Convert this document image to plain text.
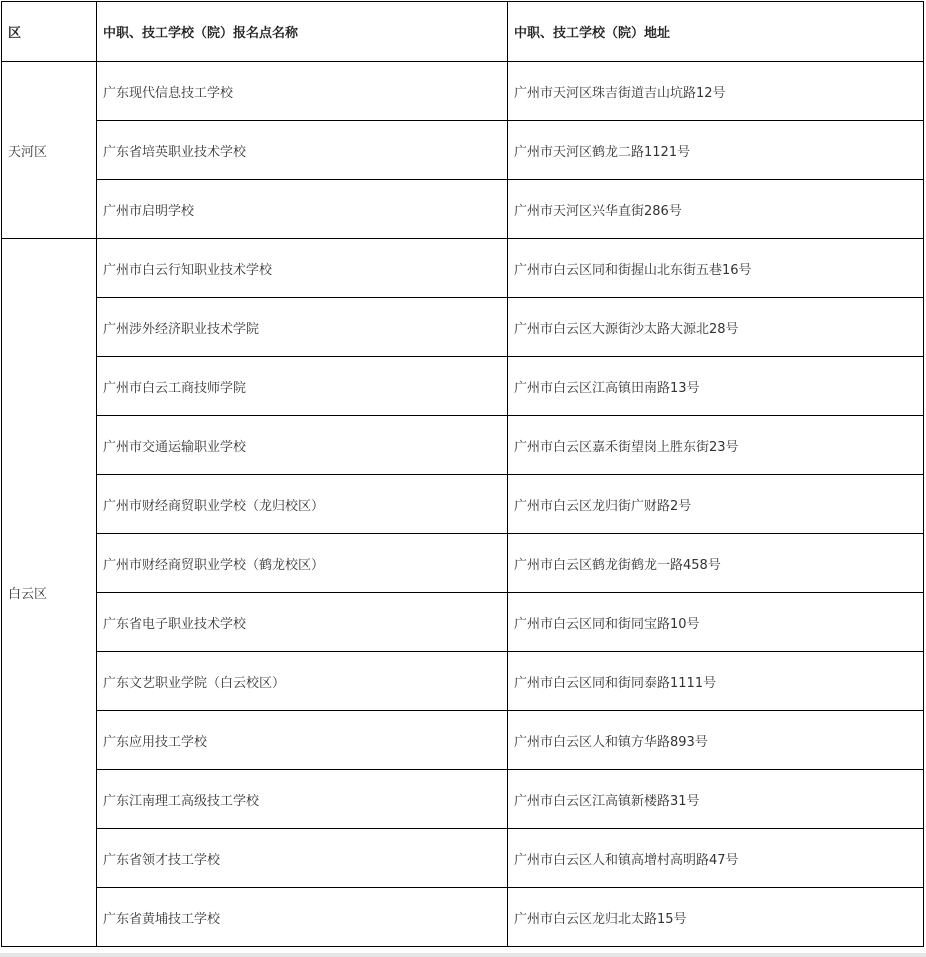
区	中职、技工学校（院）报名点名称	中职、技工学校（院）地址
天河区	广东现代信息技工学校	广州市天河区珠吉街道吉山坑路12号
	广东省培英职业技术学校	广州市天河区鹤龙二路1121号
	广州市启明学校	广州市天河区兴华直街286号
白云区	广州市白云行知职业技术学校	广州市白云区同和街握山北东街五巷16号
	广州涉外经济职业技术学院	广州市白云区大源街沙太路大源北28号
	广州市白云工商技师学院	广州市白云区江高镇田南路13号
	广州市交通运输职业学校	广州市白云区嘉禾街望岗上胜东街23号
	广州市财经商贸职业学校（龙归校区）	广州市白云区龙归街广财路2号
	广州市财经商贸职业学校（鹤龙校区）	广州市白云区鹤龙街鹤龙一路458号
	广东省电子职业技术学校	广州市白云区同和街同宝路10号
	广东文艺职业学院（白云校区）	广州市白云区同和街同泰路1111号
	广东应用技工学校	广州市白云区人和镇方华路893号
	广东江南理工高级技工学校	广州市白云区江高镇新楼路31号
	广东省领才技工学校	广州市白云区人和镇高增村高明路47号
	广东省黄埔技工学校	广州市白云区龙归北太路15号
